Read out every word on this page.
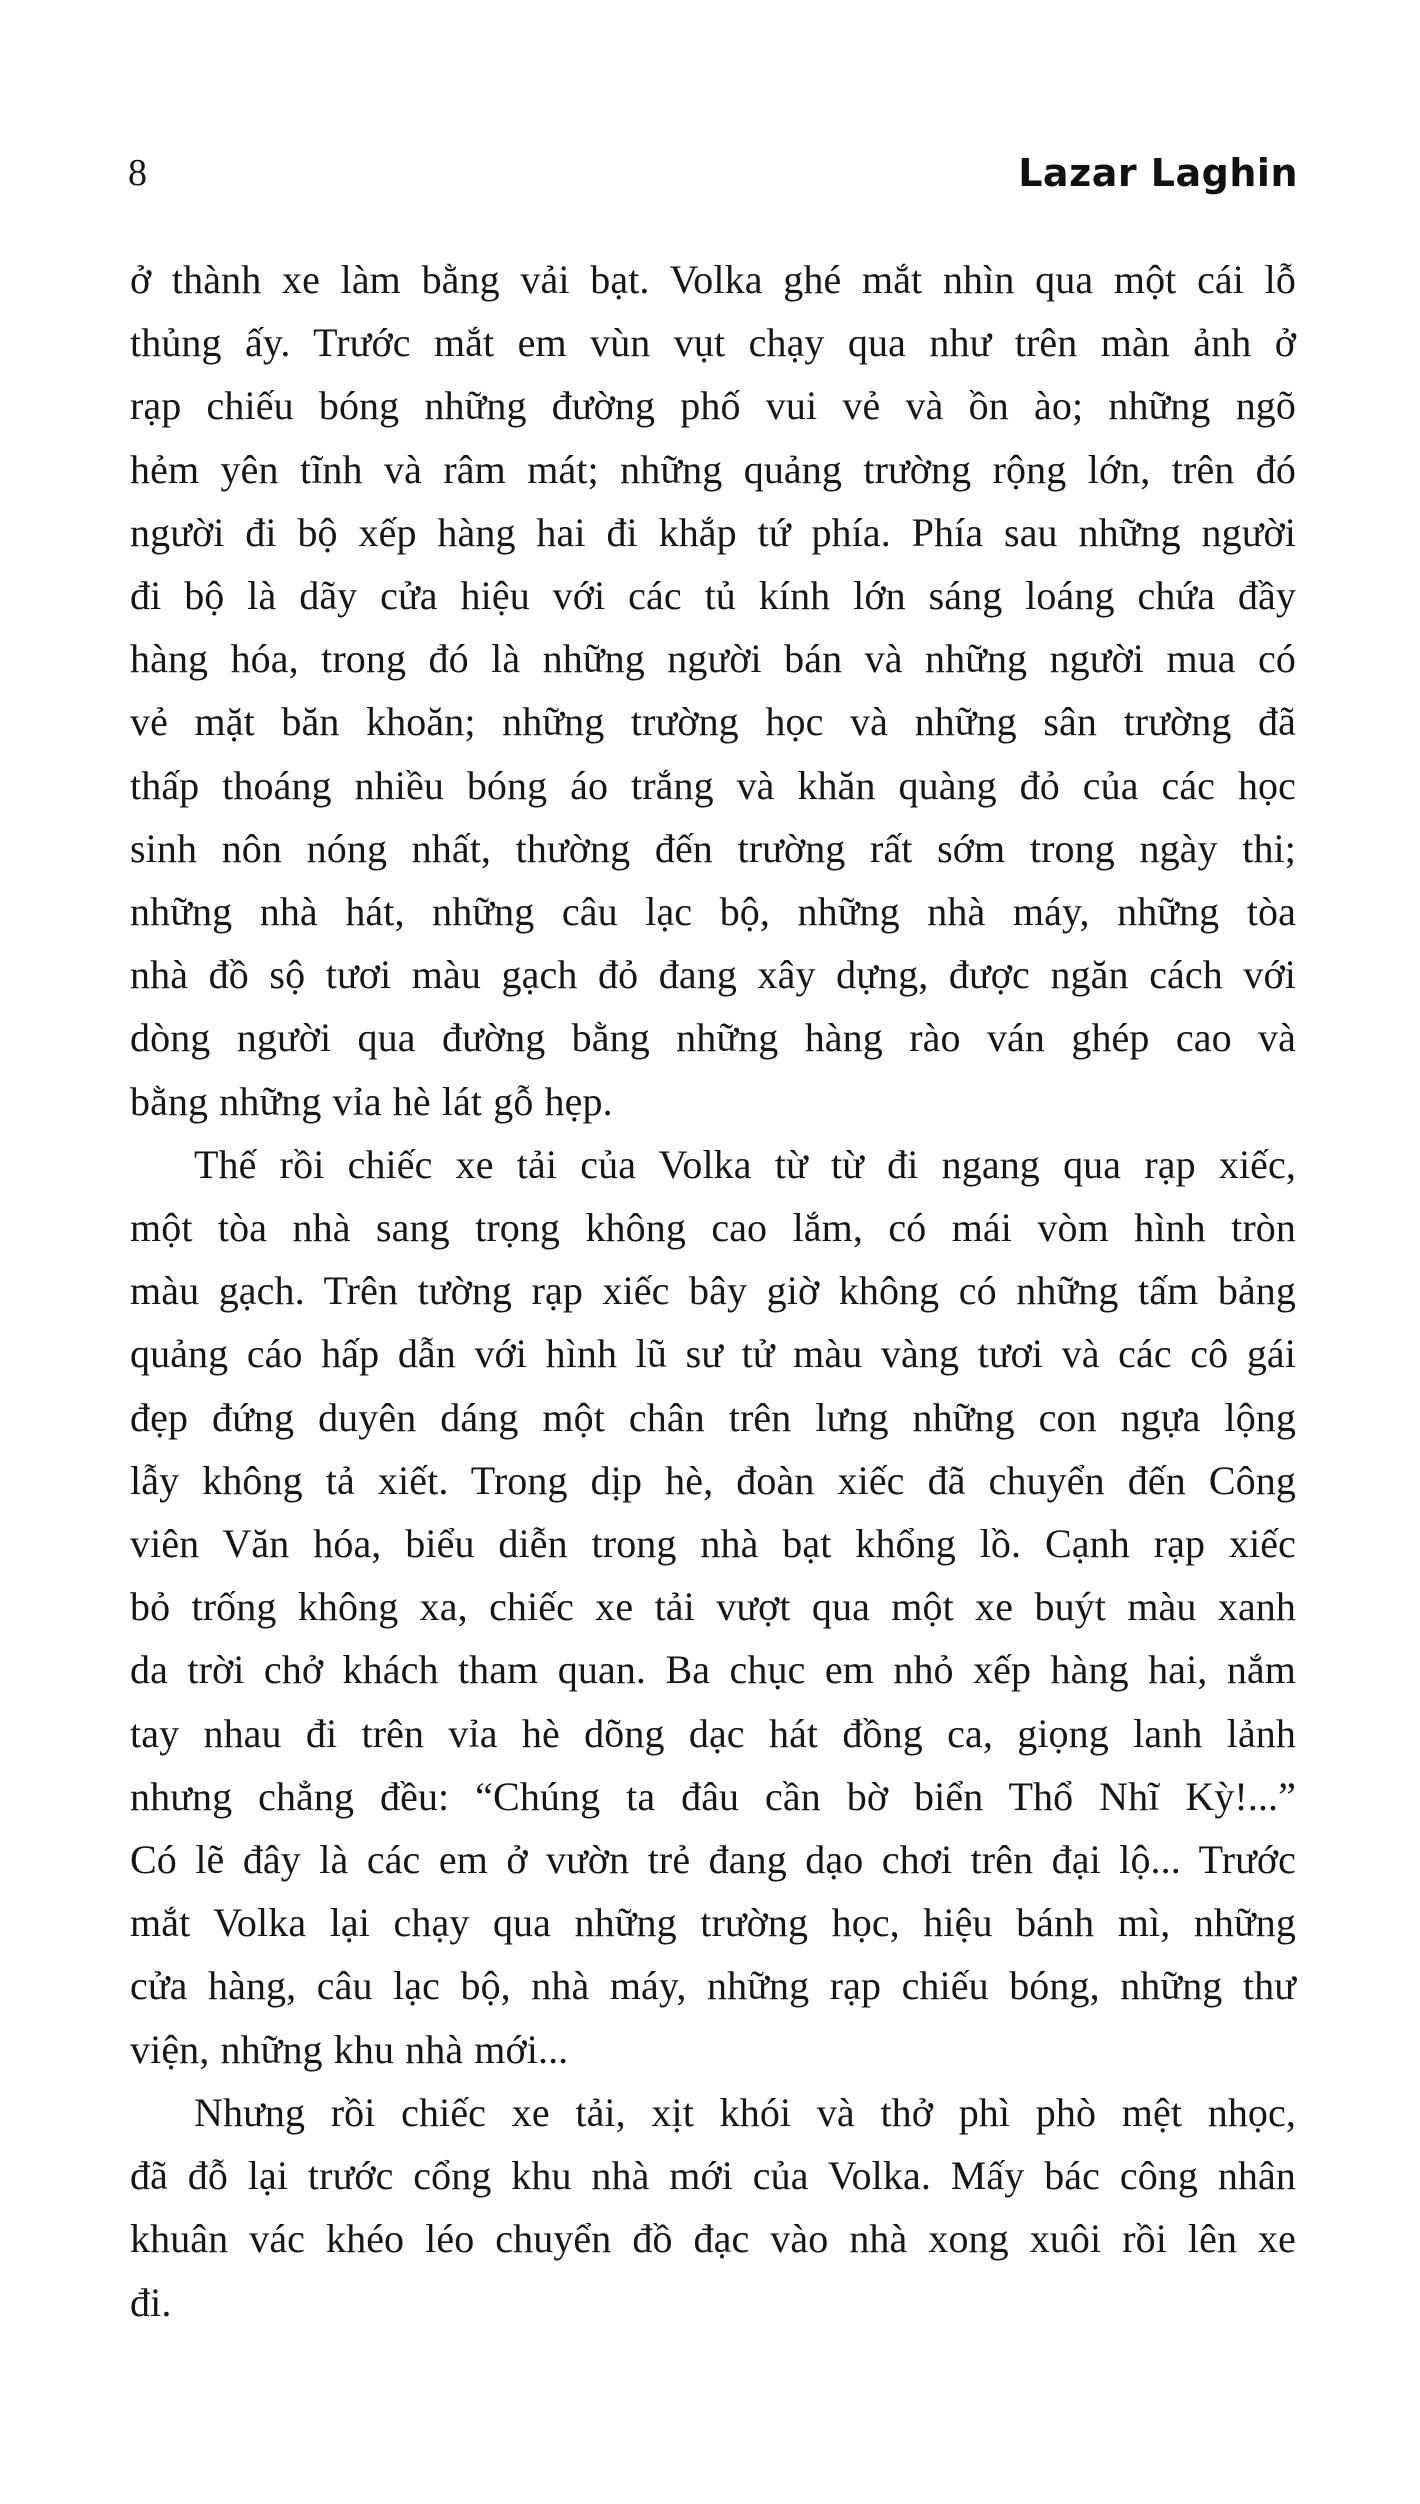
8	Lazar Laghin
ở thành xe làm bằng vải bạt. Volka ghé mắt nhìn qua một cái lỗ
thủng ấy. Trước mắt em vùn vụt chạy qua như trên màn ảnh ở
rạp chiếu bóng những đường phố vui vẻ và ồn ào; những ngõ
hẻm yên tĩnh và râm mát; những quảng trường rộng lớn, trên đó
người đi bộ xếp hàng hai đi khắp tứ phía. Phía sau những người
đi bộ là dãy cửa hiệu với các tủ kính lớn sáng loáng chứa đầy
hàng hóa, trong đó là những người bán và những người mua có
vẻ mặt băn khoăn; những trường học và những sân trường đã
thấp thoáng nhiều bóng áo trắng và khăn quàng đỏ của các học
sinh nôn nóng nhất, thường đến trường rất sớm trong ngày thi;
những nhà hát, những câu lạc bộ, những nhà máy, những tòa
nhà đồ sộ tươi màu gạch đỏ đang xây dựng, được ngăn cách với
dòng người qua đường bằng những hàng rào ván ghép cao và
bằng những vỉa hè lát gỗ hẹp.
Thế rồi chiếc xe tải của Volka từ từ đi ngang qua rạp xiếc,
một tòa nhà sang trọng không cao lắm, có mái vòm hình tròn
màu gạch. Trên tường rạp xiếc bây giờ không có những tấm bảng
quảng cáo hấp dẫn với hình lũ sư tử màu vàng tươi và các cô gái
đẹp đứng duyên dáng một chân trên lưng những con ngựa lộng
lẫy không tả xiết. Trong dịp hè, đoàn xiếc đã chuyển đến Công
viên Văn hóa, biểu diễn trong nhà bạt khổng lồ. Cạnh rạp xiếc
bỏ trống không xa, chiếc xe tải vượt qua một xe buýt màu xanh
da trời chở khách tham quan. Ba chục em nhỏ xếp hàng hai, nắm
tay nhau đi trên vỉa hè dõng dạc hát đồng ca, giọng lanh lảnh
nhưng chẳng đều: “Chúng ta đâu cần bờ biển Thổ Nhĩ Kỳ!...”
Có lẽ đây là các em ở vườn trẻ đang dạo chơi trên đại lộ... Trước
mắt Volka lại chạy qua những trường học, hiệu bánh mì, những
cửa hàng, câu lạc bộ, nhà máy, những rạp chiếu bóng, những thư
viện, những khu nhà mới...
Nhưng rồi chiếc xe tải, xịt khói và thở phì phò mệt nhọc,
đã đỗ lại trước cổng khu nhà mới của Volka. Mấy bác công nhân
khuân vác khéo léo chuyển đồ đạc vào nhà xong xuôi rồi lên xe
đi.
